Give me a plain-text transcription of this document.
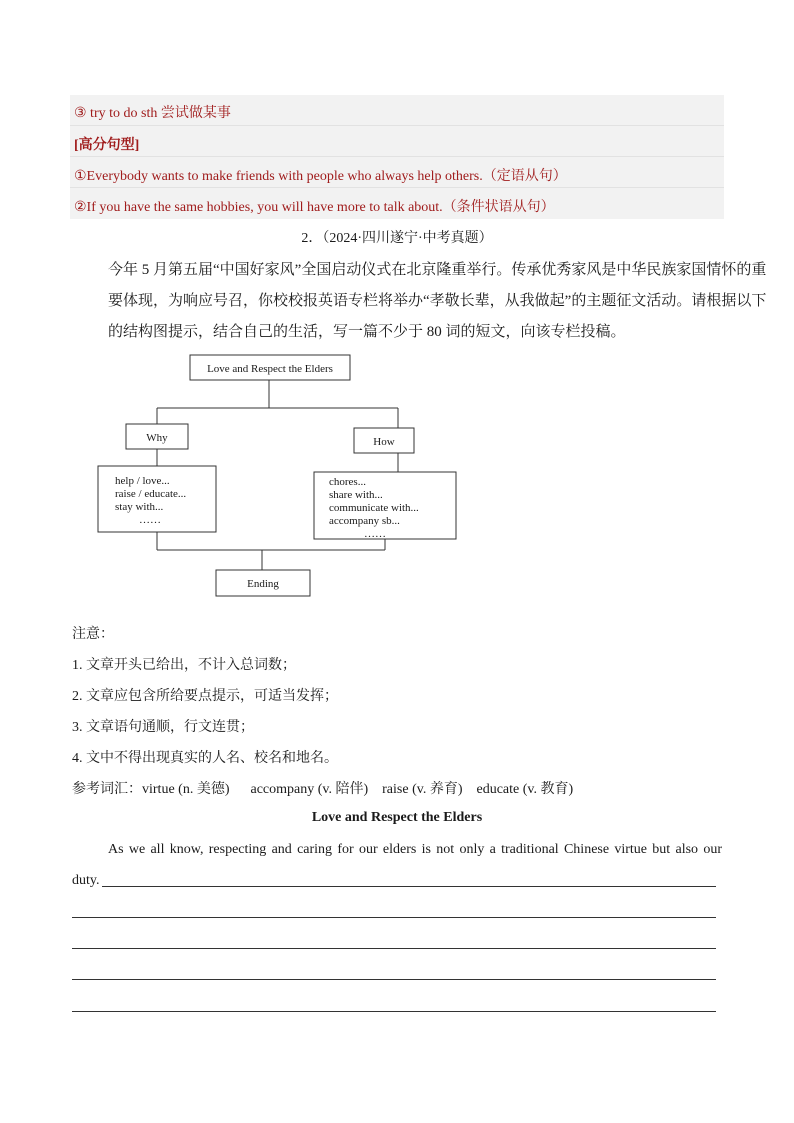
③ try to do sth 尝试做某事
[高分句型]
①Everybody wants to make friends with people who always help others.（定语从句）
②If you have the same hobbies, you will have more to talk about.（条件状语从句）
2．（2024·四川遂宁·中考真题）
今年 5 月第五届“中国好家风”全国启动仪式在北京隆重举行。传承优秀家风是中华民族家国情怀的重
要体现，为响应号召，你校校报英语专栏将举办“孝敬长辈，从我做起”的主题征文活动。请根据以下
的结构图提示，结合自己的生活，写一篇不少于 80 词的短文，向该专栏投稿。
Love and Respect the Elders
Why	How
help / love...
raise / educate...
stay with...
……
chores...
share with...
communicate with...
accompany sb...
……
Ending
注意：
1. 文章开头已给出，不计入总词数；
2. 文章应包含所给要点提示，可适当发挥；
3. 文章语句通顺，行文连贯；
4. 文中不得出现真实的人名、校名和地名。
参考词汇：virtue (n. 美德)      accompany (v. 陪伴)    raise (v. 养育)    educate (v. 教育)
Love and Respect the Elders
As we all know, respecting and caring for our elders is not only a traditional Chinese virtue but also our
duty.
